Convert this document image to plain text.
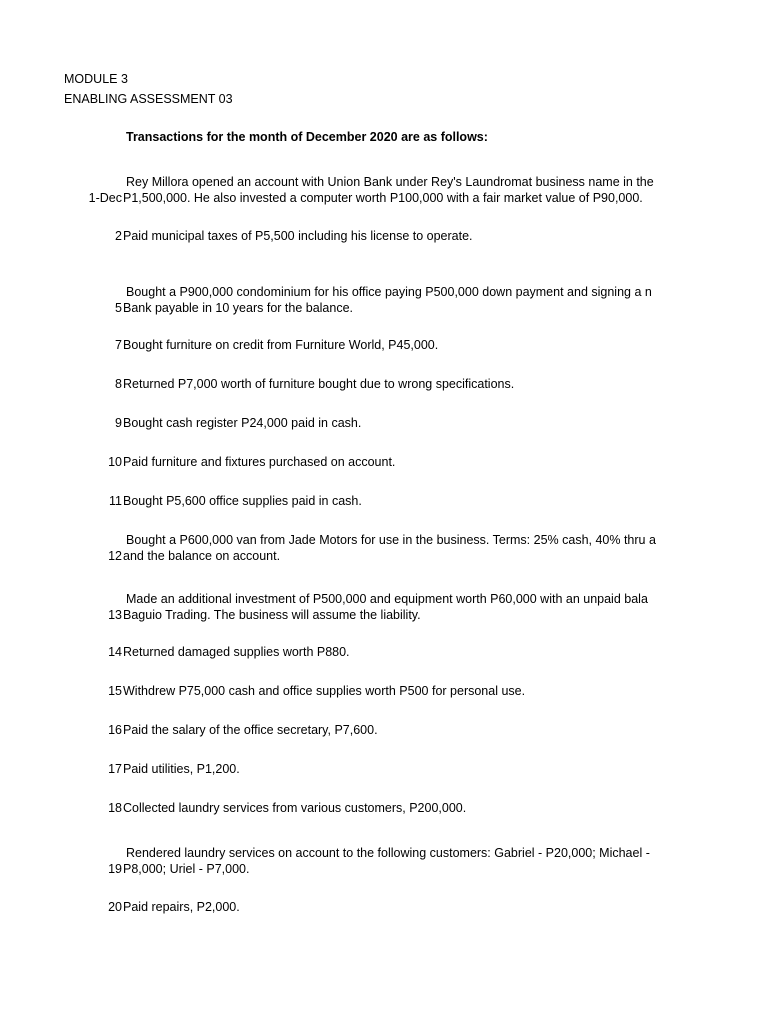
MODULE 3
ENABLING ASSESSMENT 03
Transactions for the month of December 2020 are as follows:
Rey Millora opened an account with Union Bank under Rey's Laundromat business name in the
1-Dec P1,500,000. He also invested a computer worth P100,000 with a fair market value of P90,000.
2 Paid municipal taxes of P5,500 including his license to operate.
Bought a P900,000 condominium for his office paying P500,000 down payment and signing a n
5 Bank payable in 10 years for the balance.
7 Bought furniture on credit from Furniture World, P45,000.
8 Returned P7,000 worth of furniture bought due to wrong specifications.
9 Bought cash register P24,000 paid in cash.
10 Paid furniture and fixtures purchased on account.
11 Bought P5,600 office supplies paid in cash.
Bought a P600,000 van from Jade Motors for use in the business. Terms: 25% cash, 40% thru a
12 and the balance on account.
Made an additional investment of P500,000 and equipment worth P60,000 with an unpaid bala
13 Baguio Trading. The business will assume the liability.
14 Returned damaged supplies worth P880.
15 Withdrew P75,000 cash and office supplies worth P500 for personal use.
16 Paid the salary of the office secretary, P7,600.
17 Paid utilities, P1,200.
18 Collected laundry services from various customers, P200,000.
Rendered laundry services on account to the following customers: Gabriel - P20,000; Michael -
19 P8,000; Uriel - P7,000.
20 Paid repairs, P2,000.
